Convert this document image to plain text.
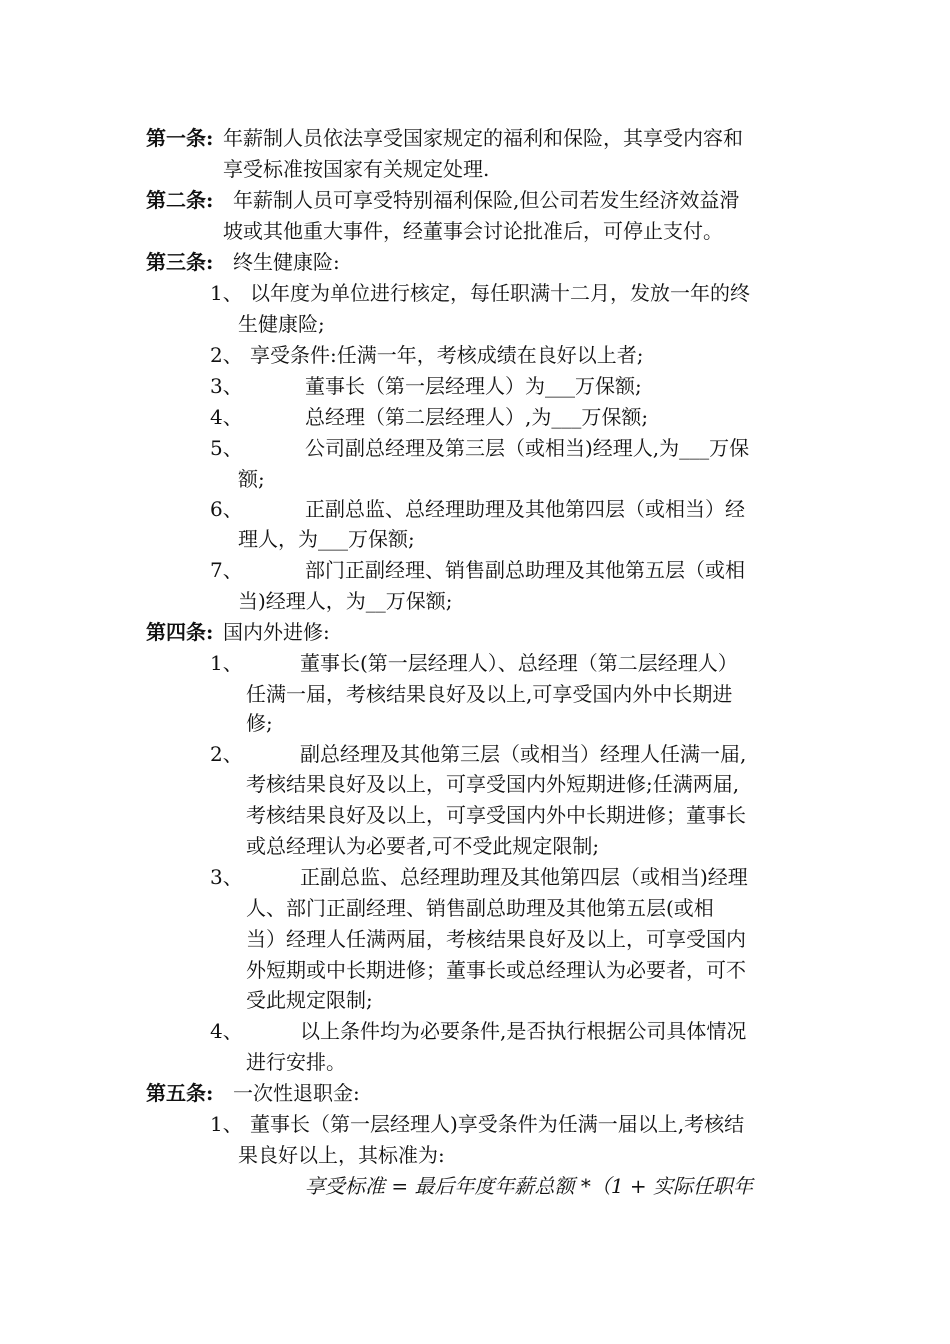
第一条: 年薪制人员依法享受国家规定的福利和保险，其享受内容和
享受标准按国家有关规定处理.
第二条: 年薪制人员可享受特别福利保险,但公司若发生经济效益滑
坡或其他重大事件，经董事会讨论批准后，可停止支付。
第三条: 终生健康险:
1、 以年度为单位进行核定，每任职满十二月，发放一年的终
生健康险;
2、 享受条件:任满一年，考核成绩在良好以上者;
3、	董事长（第一层经理人）为___万保额;
4、	总经理（第二层经理人）,为___万保额;
5、	公司副总经理及第三层（或相当)经理人,为___万保
额;
6、	正副总监、总经理助理及其他第四层（或相当）经
理人，为___万保额;
7、	部门正副经理、销售副总助理及其他第五层（或相
当)经理人，为__万保额;
第四条: 国内外进修:
1、	董事长(第一层经理人）、总经理（第二层经理人）
任满一届，考核结果良好及以上,可享受国内外中长期进
修;
2、	副总经理及其他第三层（或相当）经理人任满一届,
考核结果良好及以上，可享受国内外短期进修;任满两届,
考核结果良好及以上，可享受国内外中长期进修；董事长
或总经理认为必要者,可不受此规定限制;
3、	正副总监、总经理助理及其他第四层（或相当)经理
人、部门正副经理、销售副总助理及其他第五层(或相
当）经理人任满两届，考核结果良好及以上，可享受国内
外短期或中长期进修；董事长或总经理认为必要者，可不
受此规定限制;
4、	以上条件均为必要条件,是否执行根据公司具体情况
进行安排。
第五条: 一次性退职金:
1、 董事长（第一层经理人)享受条件为任满一届以上,考核结
果良好以上，其标准为:
享受标准 = 最后年度年薪总额 *（1 + 实际任职年
